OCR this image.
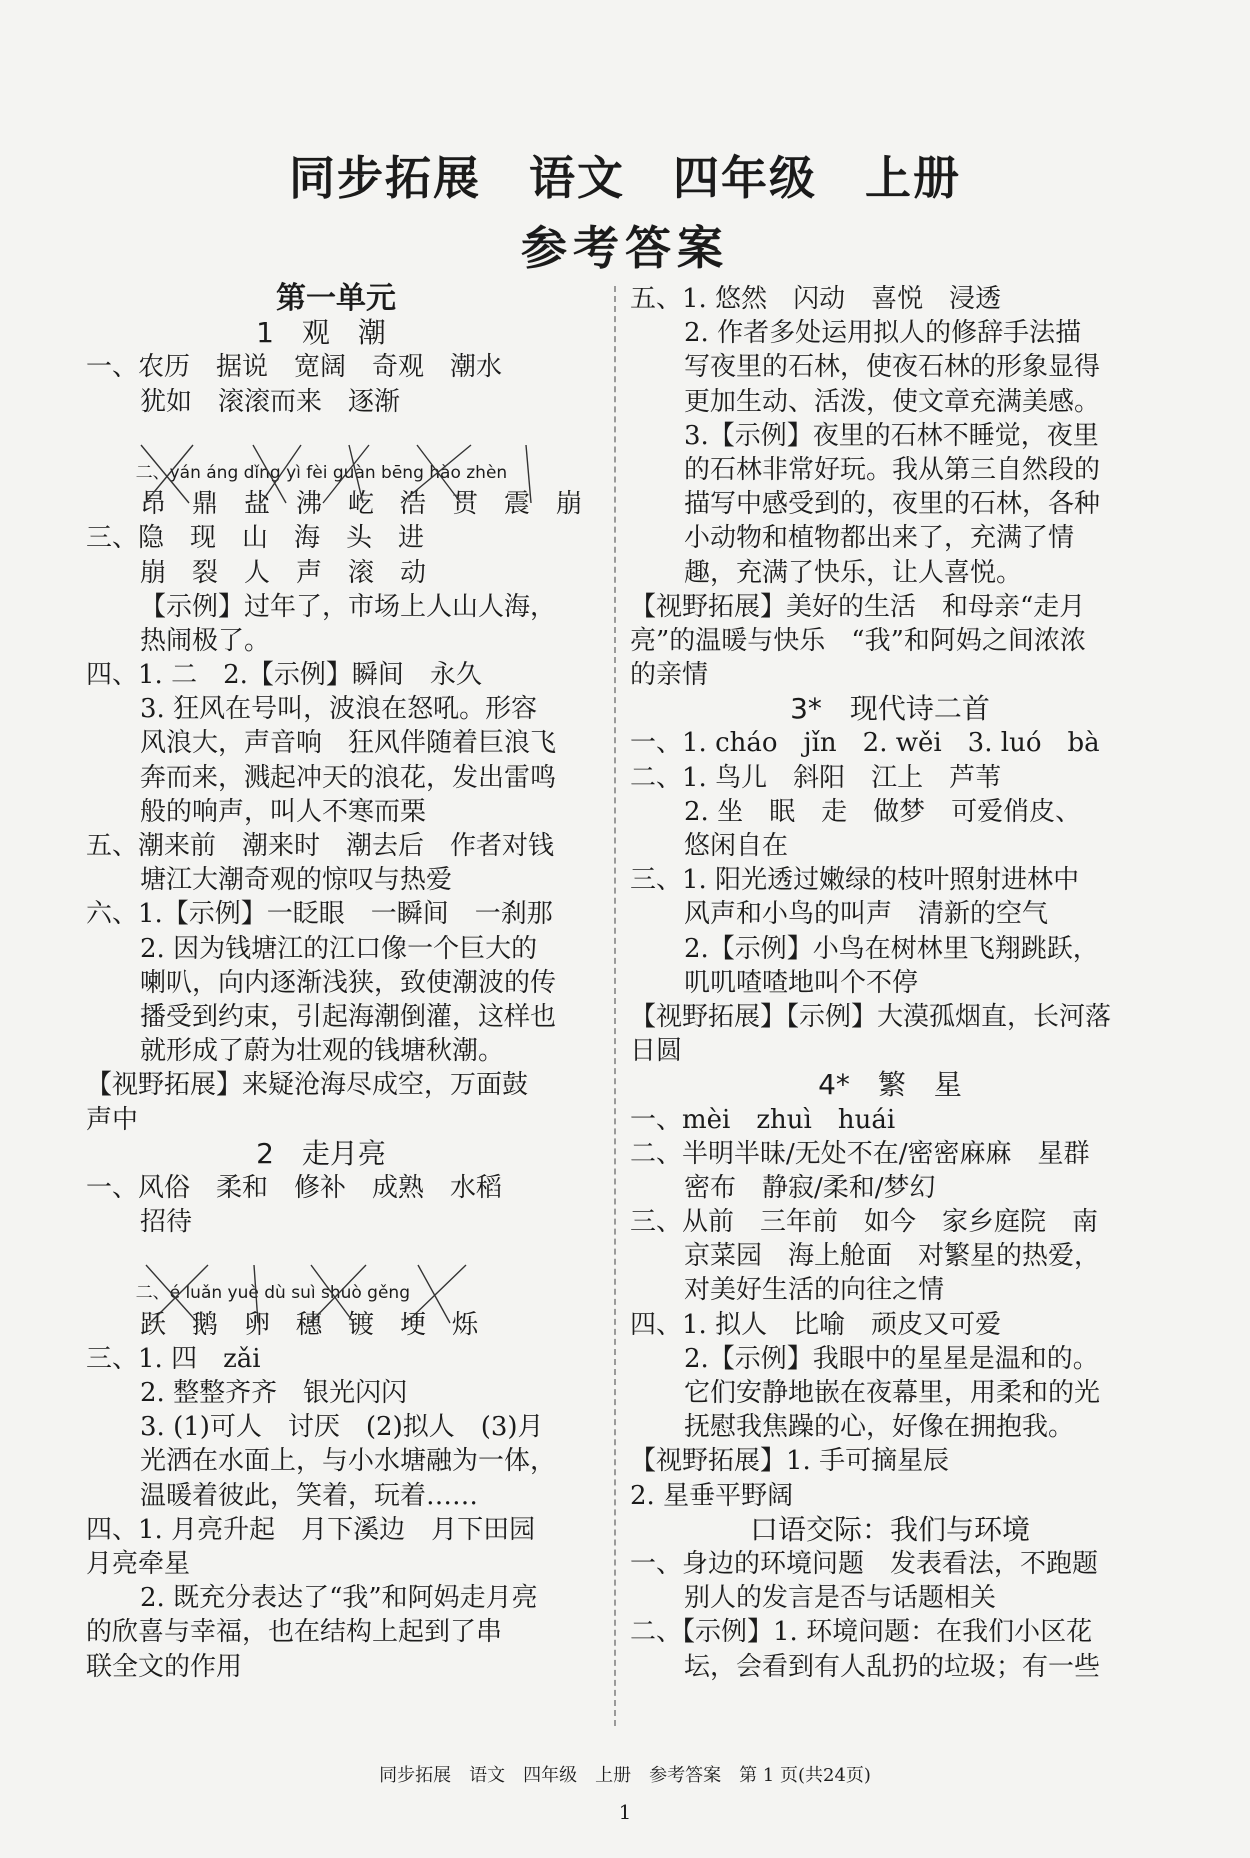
同步拓展　语文　四年级　上册
参考答案
第一单元
1　观　潮
一、农历　据说　宽阔　奇观　潮水
犹如　滚滚而来　逐渐

二、yán áng dǐng yì fèi guàn bēng hào zhèn

昂　鼎　盐　沸　屹　浩　贯　震　崩
三、隐　现　山　海　头　进
崩　裂　人　声　滚　动
【示例】过年了，市场上人山人海，
热闹极了。
四、1. 二　2.【示例】瞬间　永久
3. 狂风在号叫，波浪在怒吼。形容
风浪大，声音响　狂风伴随着巨浪飞
奔而来，溅起冲天的浪花，发出雷鸣
般的响声，叫人不寒而栗
五、潮来前　潮来时　潮去后　作者对钱
塘江大潮奇观的惊叹与热爱
六、1.【示例】一眨眼　一瞬间　一刹那
2. 因为钱塘江的江口像一个巨大的
喇叭，向内逐渐浅狭，致使潮波的传
播受到约束，引起海潮倒灌，这样也
就形成了蔚为壮观的钱塘秋潮。
【视野拓展】来疑沧海尽成空，万面鼓
声中
2　走月亮
一、风俗　柔和　修补　成熟　水稻
招待

二、é luǎn yuè dù suì shuò gěng

跃　鹅　卵　穗　镀　埂　烁
三、1. 四　zǎi
2. 整整齐齐　银光闪闪
3. (1)可人　讨厌　(2)拟人　(3)月
光洒在水面上，与小水塘融为一体，
温暖着彼此，笑着，玩着……
四、1. 月亮升起　月下溪边　月下田园
月亮牵星
2. 既充分表达了“我”和阿妈走月亮
的欣喜与幸福，也在结构上起到了串
联全文的作用
五、1. 悠然　闪动　喜悦　浸透
2. 作者多处运用拟人的修辞手法描
写夜里的石林，使夜石林的形象显得
更加生动、活泼，使文章充满美感。
3.【示例】夜里的石林不睡觉，夜里
的石林非常好玩。我从第三自然段的
描写中感受到的，夜里的石林，各种
小动物和植物都出来了，充满了情
趣，充满了快乐，让人喜悦。
【视野拓展】美好的生活　和母亲“走月
亮”的温暖与快乐　“我”和阿妈之间浓浓
的亲情
3*　现代诗二首
一、1. cháo　jǐn　2. wěi　3. luó　bà
二、1. 鸟儿　斜阳　江上　芦苇
2. 坐　眠　走　做梦　可爱俏皮、
悠闲自在
三、1. 阳光透过嫩绿的枝叶照射进林中
风声和小鸟的叫声　清新的空气
2.【示例】小鸟在树林里飞翔跳跃，
叽叽喳喳地叫个不停
【视野拓展】【示例】大漠孤烟直，长河落
日圆
4*　繁　星
一、mèi　zhuì　huái
二、半明半昧/无处不在/密密麻麻　星群
密布　静寂/柔和/梦幻
三、从前　三年前　如今　家乡庭院　南
京菜园　海上舱面　对繁星的热爱，
对美好生活的向往之情
四、1. 拟人　比喻　顽皮又可爱
2.【示例】我眼中的星星是温和的。
它们安静地嵌在夜幕里，用柔和的光
抚慰我焦躁的心，好像在拥抱我。
【视野拓展】1. 手可摘星辰
2. 星垂平野阔
口语交际：我们与环境
一、身边的环境问题　发表看法，不跑题
别人的发言是否与话题相关
二、【示例】1. 环境问题：在我们小区花
坛，会看到有人乱扔的垃圾；有一些
同步拓展　语文　四年级　上册　参考答案　第 1 页(共24页)
1
